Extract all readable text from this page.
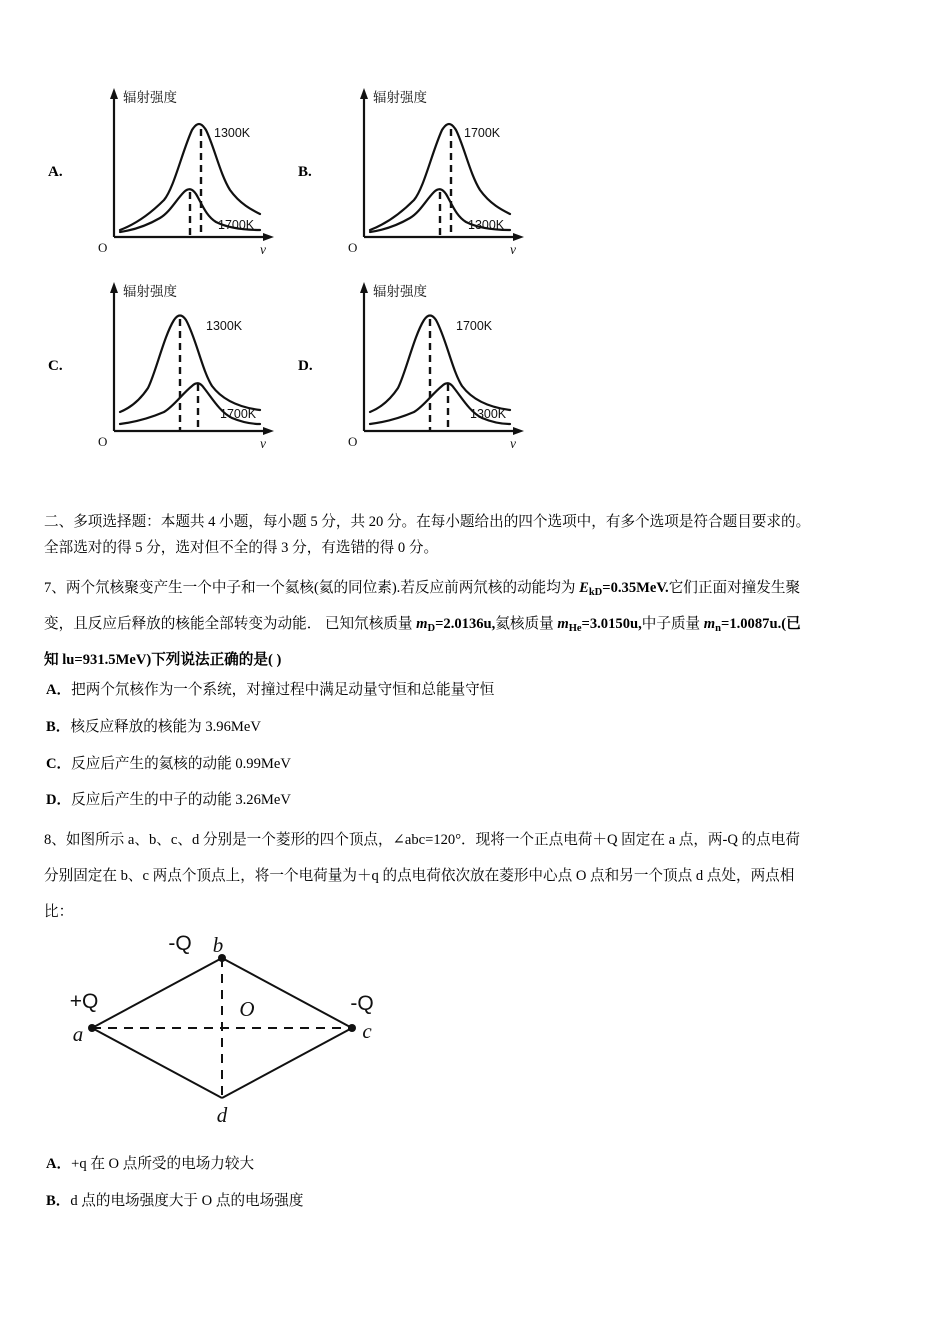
A.
辐射强度
1300K
1700K
O	ν
B.
辐射强度
1700K
1300K
O	ν
C.
辐射强度
1300K
1700K
O	ν
D.
辐射强度
1700K
1300K
O	ν

二、多项选择题：本题共 4 小题，每小题 5 分，共 20 分。在每小题给出的四个选项中，有多个选项是符合题目要求的。

全部选对的得 5 分，选对但不全的得 3 分，有选错的得 0 分。

7、两个氘核聚变产生一个中子和一个氦核(氦的同位素).若反应前两氘核的动能均为 $E_{kD}=0.35MeV$.它们正面对撞发生聚

变，且反应后释放的核能全部转变为动能． 已知氘核质量 $m_D=2.0136u$,氦核质量 $m_{He}=3.0150u$,中子质量 $m_n=1.0087u$.(已

知 lu=931.5MeV)下列说法正确的是( )

A．把两个氘核作为一个系统，对撞过程中满足动量守恒和总能量守恒

B．核反应释放的核能为 3.96MeV

C．反应后产生的氦核的动能 0.99MeV

D．反应后产生的中子的动能 3.26MeV

8、如图所示 a、b、c、d 分别是一个菱形的四个顶点，∠abc=120°．现将一个正点电荷＋Q 固定在 a 点，两-Q 的点电荷

分别固定在 b、c 两点个顶点上，将一个电荷量为＋q 的点电荷依次放在菱形中心点 O 点和另一个顶点 d 点处，两点相

比：

+Q
-Q
-Q
a
b
c
d
O

A．+q 在 O 点所受的电场力较大

B．d 点的电场强度大于 O 点的电场强度
